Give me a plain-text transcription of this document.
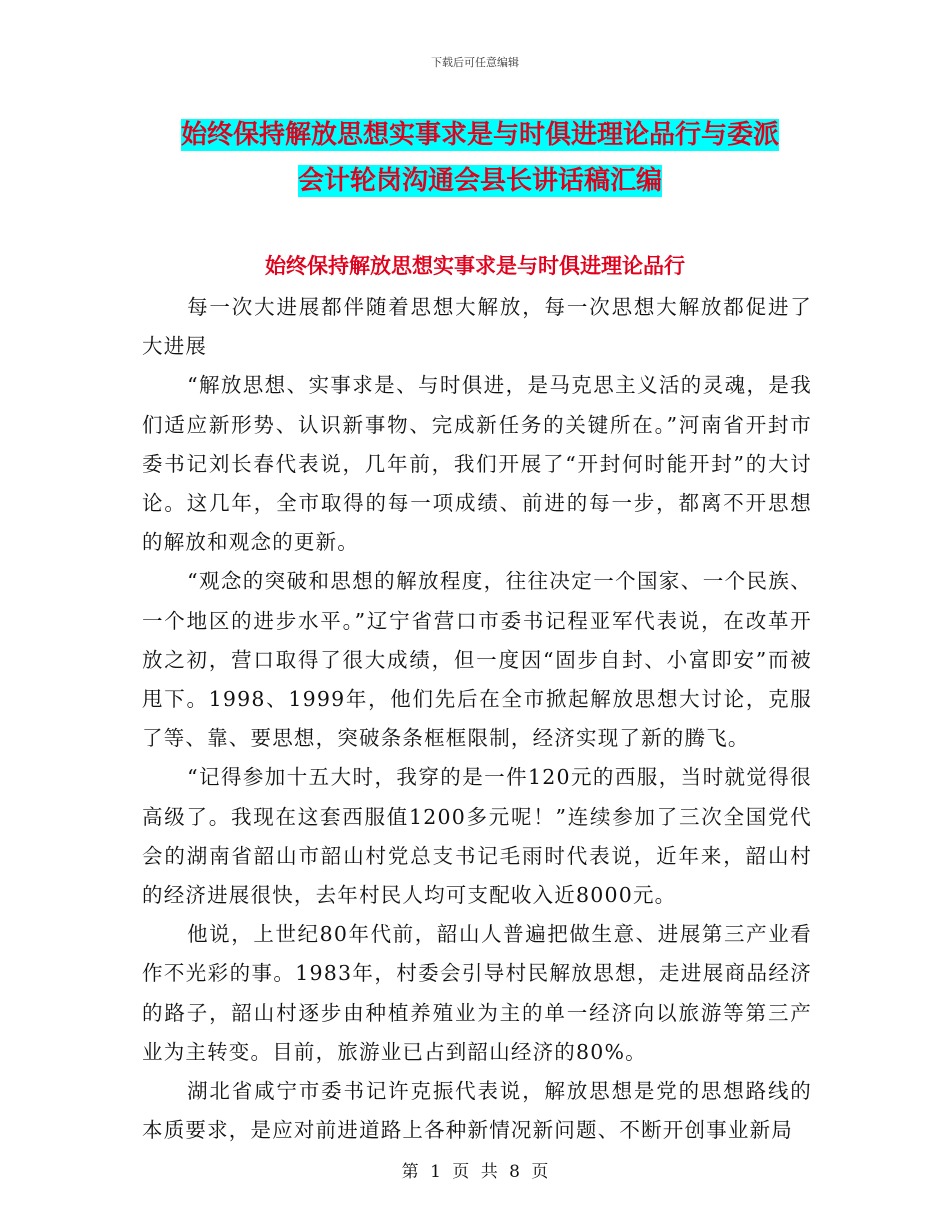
下载后可任意编辑
始终保持解放思想实事求是与时俱进理论品行与委派
会计轮岗沟通会县长讲话稿汇编
始终保持解放思想实事求是与时俱进理论品行

每一次大进展都伴随着思想大解放，每一次思想大解放都促进了大进展

“解放思想、实事求是、与时俱进，是马克思主义活的灵魂，是我们适应新形势、认识新事物、完成新任务的关键所在。”河南省开封市委书记刘长春代表说，几年前，我们开展了“开封何时能开封”的大讨论。这几年，全市取得的每一项成绩、前进的每一步，都离不开思想的解放和观念的更新。

“观念的突破和思想的解放程度，往往决定一个国家、一个民族、一个地区的进步水平。”辽宁省营口市委书记程亚军代表说，在改革开放之初，营口取得了很大成绩，但一度因“固步自封、小富即安”而被甩下。1998、1999年，他们先后在全市掀起解放思想大讨论，克服了等、靠、要思想，突破条条框框限制，经济实现了新的腾飞。

“记得参加十五大时，我穿的是一件120元的西服，当时就觉得很高级了。我现在这套西服值1200多元呢！”连续参加了三次全国党代会的湖南省韶山市韶山村党总支书记毛雨时代表说，近年来，韶山村的经济进展很快，去年村民人均可支配收入近8000元。

他说，上世纪80年代前，韶山人普遍把做生意、进展第三产业看作不光彩的事。1983年，村委会引导村民解放思想，走进展商品经济的路子，韶山村逐步由种植养殖业为主的单一经济向以旅游等第三产业为主转变。目前，旅游业已占到韶山经济的80%。

湖北省咸宁市委书记许克振代表说，解放思想是党的思想路线的本质要求，是应对前进道路上各种新情况新问题、不断开创事业新局

第 1 页 共 8 页
